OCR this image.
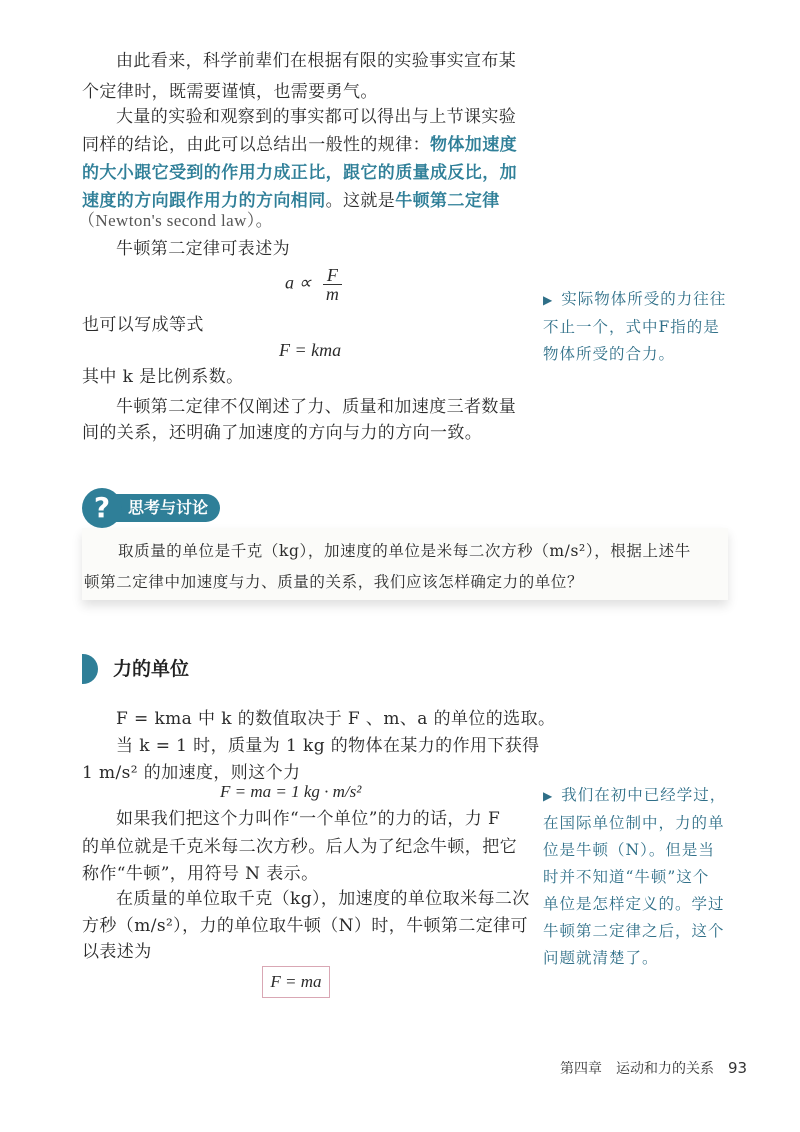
由此看来，科学前辈们在根据有限的实验事实宣布某

个定律时，既需要谨慎，也需要勇气。

大量的实验和观察到的事实都可以得出与上节课实验

同样的结论，由此可以总结出一般性的规律：物体加速度

的大小跟它受到的作用力成正比，跟它的质量成反比，加

速度的方向跟作用力的方向相同。这就是牛顿第二定律

（Newton's second law）。

牛顿第二定律可表述为

$a \propto \frac{F}{m}$

也可以写成等式

F = kma

其中 k 是比例系数。

牛顿第二定律不仅阐述了力、质量和加速度三者数量

间的关系，还明确了加速度的方向与力的方向一致。

▶ 实际物体所受的力往往
不止一个，式中F指的是
物体所受的合力。
思考与讨论
?
取质量的单位是千克（kg），加速度的单位是米每二次方秒（m/s²），根据上述牛
顿第二定律中加速度与力、质量的关系，我们应该怎样确定力的单位？
力的单位

F = kma 中 k 的数值取决于 F 、m、a 的单位的选取。

当 k = 1 时，质量为 1 kg 的物体在某力的作用下获得

1 m/s² 的加速度，则这个力

F = ma = 1 kg · m/s²

如果我们把这个力叫作“一个单位”的力的话，力 F

的单位就是千克米每二次方秒。后人为了纪念牛顿，把它

称作“牛顿”，用符号 N 表示。

在质量的单位取千克（kg），加速度的单位取米每二次

方秒（m/s²），力的单位取牛顿（N）时，牛顿第二定律可

以表述为

F = ma
▶ 我们在初中已经学过，
在国际单位制中，力的单
位是牛顿（N）。但是当
时并不知道“牛顿”这个
单位是怎样定义的。学过
牛顿第二定律之后，这个
问题就清楚了。
第四章　运动和力的关系 93
